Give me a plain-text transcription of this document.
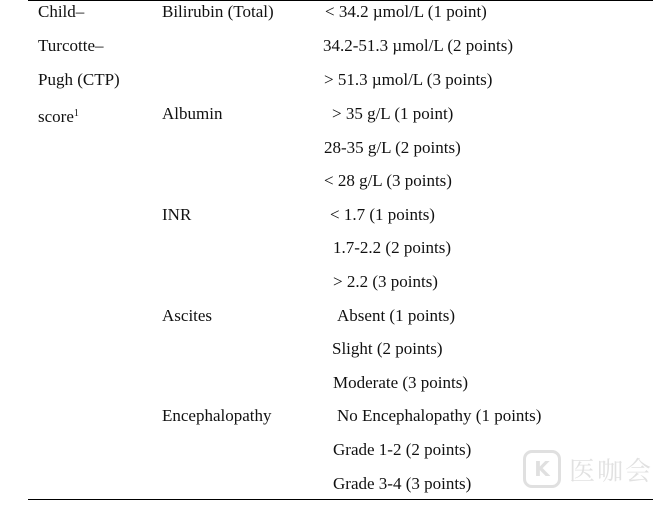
Child–
Turcotte–
Pugh (CTP)
score$^1$
Bilirubin (Total)	< 34.2 µmol/L (1 point)
34.2-51.3 µmol/L (2 points)
> 51.3 µmol/L (3 points)
Albumin	> 35 g/L (1 point)
28-35 g/L (2 points)
< 28 g/L (3 points)
INR	< 1.7 (1 points)
1.7-2.2 (2 points)
> 2.2 (3 points)
Ascites	Absent (1 points)
Slight (2 points)
Moderate (3 points)
Encephalopathy	No Encephalopathy (1 points)
Grade 1-2 (2 points)
Grade 3-4 (3 points)
K 医咖会
